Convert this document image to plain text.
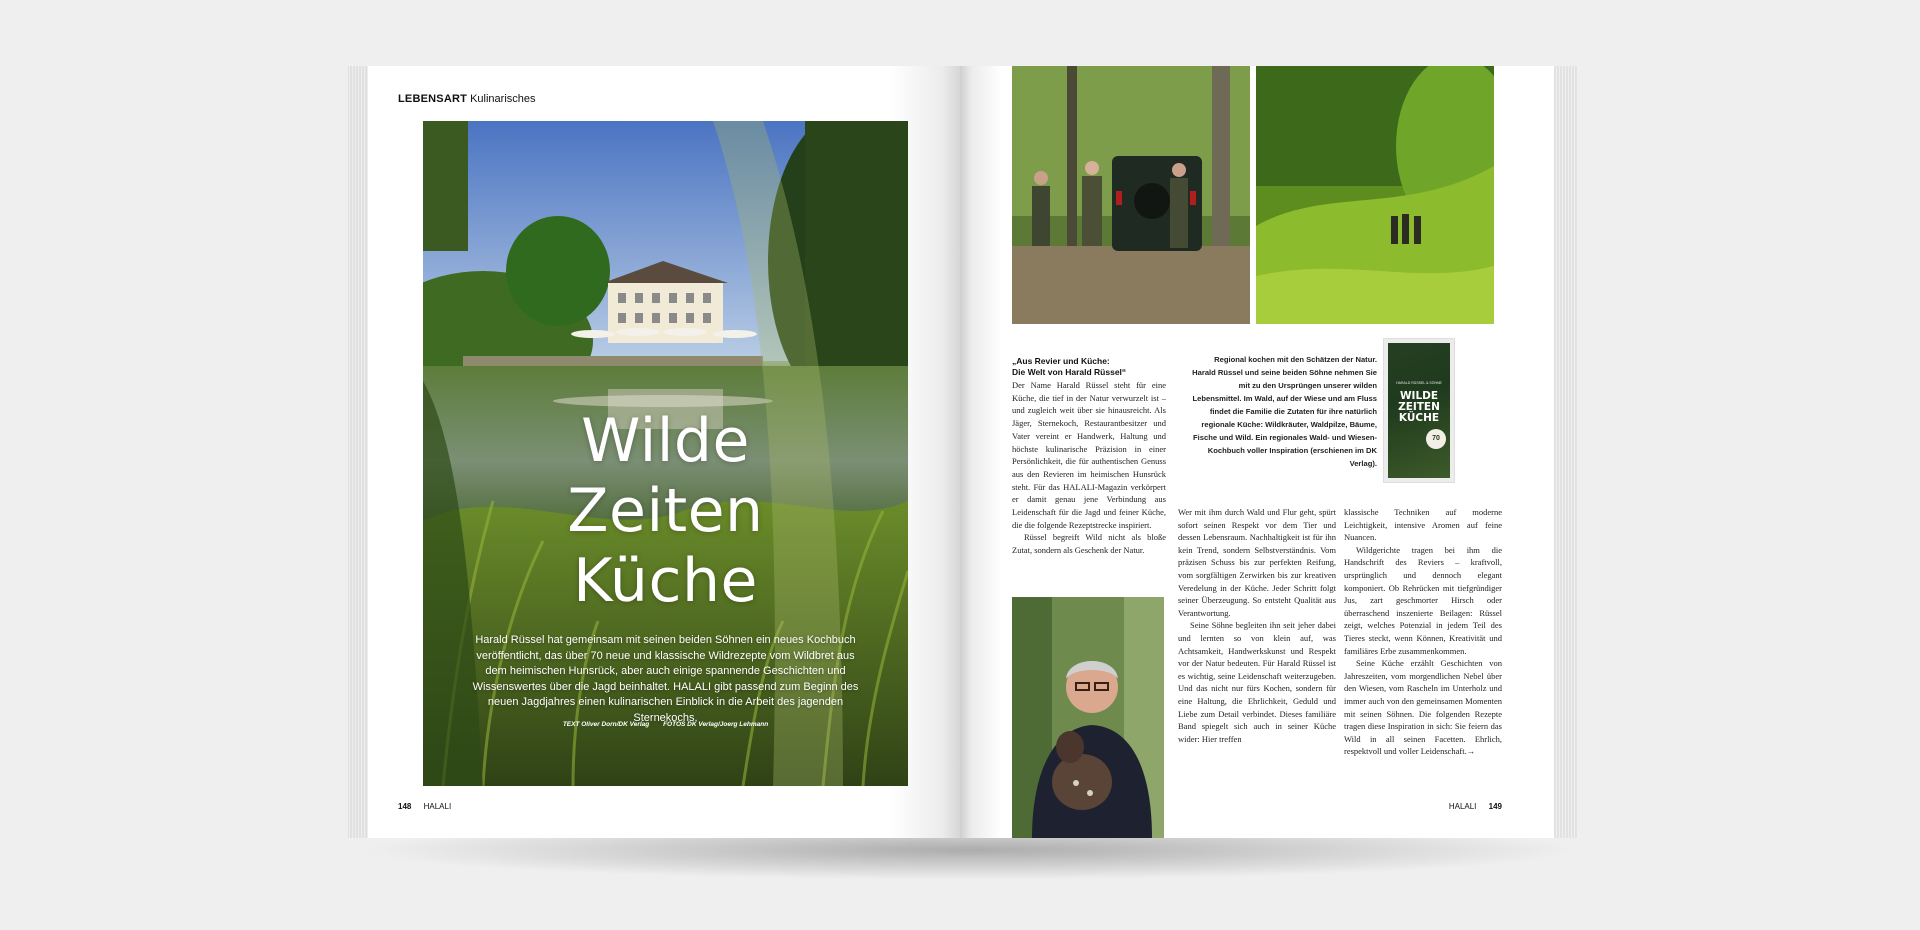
LEBENSART Kulinarisches
Wilde
Zeiten
Küche
Harald Rüssel hat gemeinsam mit seinen beiden Söhnen ein neues Kochbuch veröffentlicht, das über 70 neue und klassische Wildrezepte vom Wildbret aus dem heimischen Hunsrück, aber auch einige spannende Geschichten und Wissenswertes über die Jagd beinhaltet. HALALI gibt passend zum Beginn des neuen Jagdjahres einen kulinarischen Einblick in die Arbeit des jagenden Sternekochs.
TEXT Oliver Dorn/DK Verlag FOTOS DK Verlag/Joerg Lehmann
148 HALALI
„Aus Revier und Küche:
Die Welt von Harald Rüssel“
Der Name Harald Rüssel steht für eine Küche, die tief in der Natur verwurzelt ist – und zugleich weit über sie hinausreicht. Als Jäger, Sternekoch, Restaurantbesitzer und Vater vereint er Handwerk, Haltung und höchste kulinarische Präzision in einer Persönlichkeit, die für authentischen Genuss aus den Revieren im heimischen Hunsrück steht. Für das HALALI-Magazin verkörpert er damit genau jene Verbindung aus Leidenschaft für die Jagd und feiner Küche, die die folgende Rezeptstrecke inspiriert.
Rüssel begreift Wild nicht als bloße Zutat, sondern als Geschenk der Natur.
Regional kochen mit den Schätzen der Natur. Harald Rüssel und seine beiden Söhne nehmen Sie mit zu den Ursprüngen unserer wilden Lebensmittel. Im Wald, auf der Wiese und am Fluss findet die Familie die Zutaten für ihre natürlich regionale Küche: Wildkräuter, Waldpilze, Bäume, Fische und Wild. Ein regionales Wald- und Wiesen-Kochbuch voller Inspiration (erschienen im DK Verlag).
HARALD RÜSSEL & SÖHNE
WILDE
ZEITEN
KÜCHE
70
Wer mit ihm durch Wald und Flur geht, spürt sofort seinen Respekt vor dem Tier und dessen Lebensraum. Nachhaltigkeit ist für ihn kein Trend, sondern Selbstverständnis. Vom präzisen Schuss bis zur perfekten Reifung, vom sorgfältigen Zerwirken bis zur kreativen Veredelung in der Küche. Jeder Schritt folgt seiner Überzeugung. So entsteht Qualität aus Verantwortung.
Seine Söhne begleiten ihn seit jeher dabei und lernten so von klein auf, was Achtsamkeit, Handwerkskunst und Respekt vor der Natur bedeuten. Für Harald Rüssel ist es wichtig, seine Leidenschaft weiterzugeben. Und das nicht nur fürs Kochen, sondern für eine Haltung, die Ehrlichkeit, Geduld und Liebe zum Detail verbindet. Dieses familiäre Band spiegelt sich auch in seiner Küche wider: Hier treffen
klassische Techniken auf moderne Leichtigkeit, intensive Aromen auf feine Nuancen.
Wildgerichte tragen bei ihm die Handschrift des Reviers – kraftvoll, ursprünglich und dennoch elegant komponiert. Ob Rehrücken mit tiefgründiger Jus, zart geschmorter Hirsch oder überraschend inszenierte Beilagen: Rüssel zeigt, welches Potenzial in jedem Teil des Tieres steckt, wenn Können, Kreativität und familiäres Erbe zusammenkommen.
Seine Küche erzählt Geschichten von Jahreszeiten, vom morgendlichen Nebel über den Wiesen, vom Rascheln im Unterholz und immer auch von den gemeinsamen Momenten mit seinen Söhnen. Die folgenden Rezepte tragen diese Inspiration in sich: Sie feiern das Wild in all seinen Facetten. Ehrlich, respektvoll und voller Leidenschaft.→
HALALI 149
